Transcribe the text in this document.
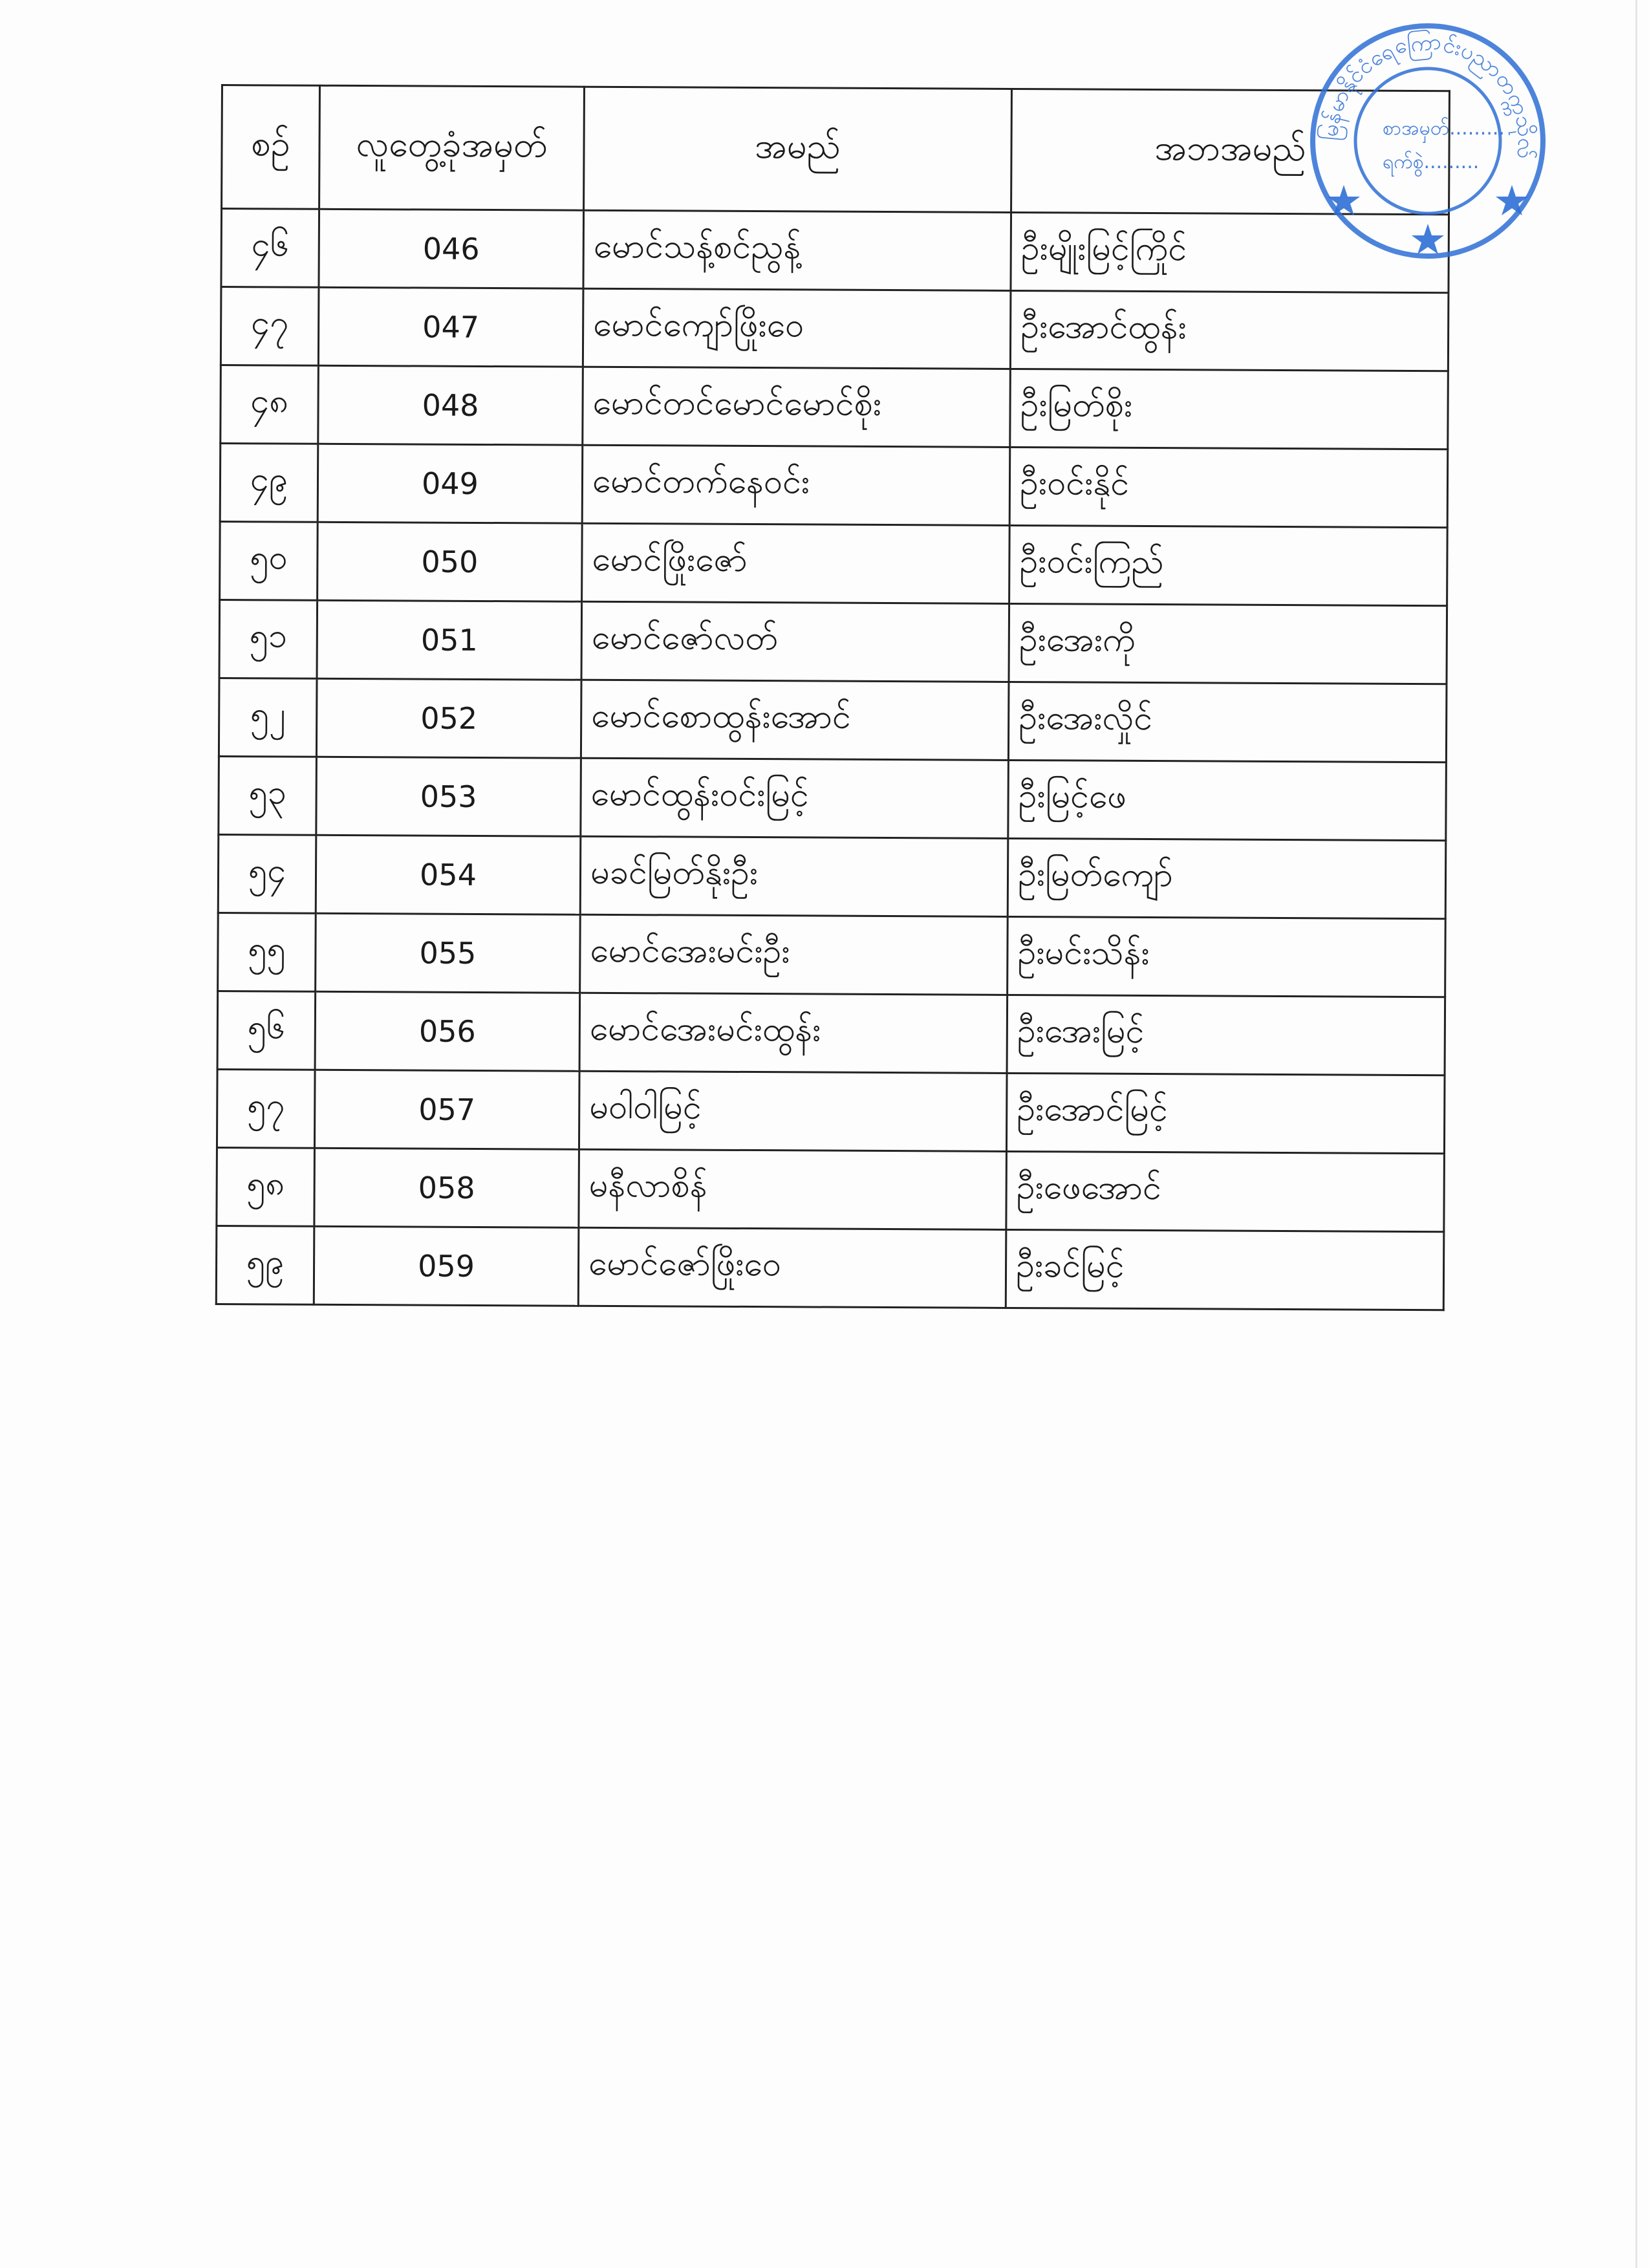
စဉ်	လူတွေ့ခုံအမှတ်	အမည်	အဘအမည်
၄၆	046	မောင်သန့်စင်ညွန့်	ဦးမျိုးမြင့်ကြိုင်
၄၇	047	မောင်ကျော်ဖြိုးဝေ	ဦးအောင်ထွန်း
၄၈	048	မောင်တင်မောင်မောင်စိုး	ဦးမြတ်စိုး
၄၉	049	မောင်တက်နေဝင်း	ဦးဝင်းနိုင်
၅၀	050	မောင်ဖြိုးဇော်	ဦးဝင်းကြည်
၅၁	051	မောင်ဇော်လတ်	ဦးအေးကို
၅၂	052	မောင်စောထွန်းအောင်	ဦးအေးလှိုင်
၅၃	053	မောင်ထွန်းဝင်းမြင့်	ဦးမြင့်ဖေ
၅၄	054	မခင်မြတ်နိုးဦး	ဦးမြတ်ကျော်
၅၅	055	မောင်အေးမင်းဦး	ဦးမင်းသိန်း
၅၆	056	မောင်အေးမင်းထွန်း	ဦးအေးမြင့်
၅၇	057	မဝါဝါမြင့်	ဦးအောင်မြင့်
၅၈	058	မနီလာစိန်	ဦးဖေအောင်
၅၉	059	မောင်ဇော်ဖြိုးဝေ	ဦးခင်မြင့်
မြန်မာနိုင်ငံရေကြောင်းပညာတက္ကသိုလ်
စာအမှတ်.........
ရက်စွဲ.........
